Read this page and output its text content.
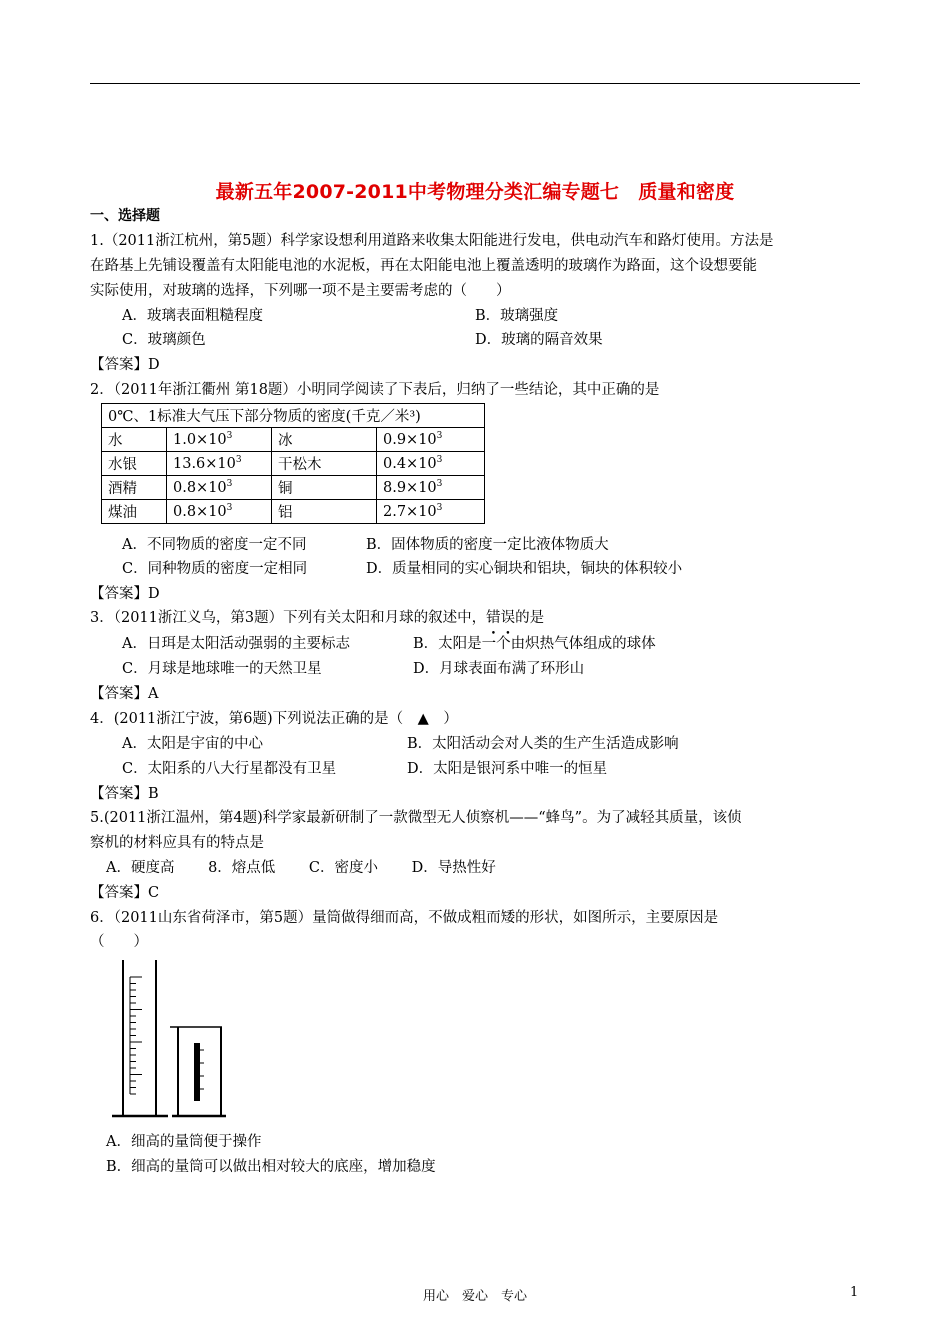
最新五年2007-2011中考物理分类汇编专题七　质量和密度
一、选择题
1.（2011浙江杭州，第5题）科学家设想利用道路来收集太阳能进行发电，供电动汽车和路灯使用。方法是
在路基上先铺设覆盖有太阳能电池的水泥板，再在太阳能电池上覆盖透明的玻璃作为路面，这个设想要能
实际使用，对玻璃的选择，下列哪一项不是主要需考虑的（　　）
A．玻璃表面粗糙程度	B．玻璃强度
C．玻璃颜色	D．玻璃的隔音效果
【答案】D
2．（2011年浙江衢州 第18题）小明同学阅读了下表后，归纳了一些结论，其中正确的是
0℃、1标准大气压下部分物质的密度(千克／米³)			
水	$1.0\times 10^3$	冰	$0.9\times 10^3$
水银	$13.6\times 10^3$	干松木	$0.4\times 10^3$
酒精	$0.8\times 10^3$	铜	$8.9\times 10^3$
煤油	$0.8\times 10^3$	铝	$2.7\times 10^3$
A．不同物质的密度一定不同	B．固体物质的密度一定比液体物质大
C．同种物质的密度一定相同	D．质量相同的实心铜块和铝块，铜块的体积较小
【答案】D
3．（2011浙江义乌，第3题）下列有关太阳和月球的叙述中，错误的是
A．日珥是太阳活动强弱的主要标志	B．太阳是一个由炽热气体组成的球体
C．月球是地球唯一的天然卫星	D．月球表面布满了环形山
【答案】A
4．(2011浙江宁波，第6题)下列说法正确的是（　▲　）
A．太阳是宇宙的中心	B．太阳活动会对人类的生产生活造成影响
C．太阳系的八大行星都没有卫星	D．太阳是银河系中唯一的恒星
【答案】B
5.(2011浙江温州，第4题)科学家最新研制了一款微型无人侦察机——“蜂鸟”。为了减轻其质量，该侦
察机的材料应具有的特点是
A．硬度高　　 8．熔点低　　 C．密度小　　 D．导热性好
【答案】C
6．（2011山东省荷泽市，第5题）量筒做得细而高，不做成粗而矮的形状，如图所示，主要原因是
（　　）
A．细高的量筒便于操作
B．细高的量筒可以做出相对较大的底座，增加稳度
用心　爱心　专心	1
